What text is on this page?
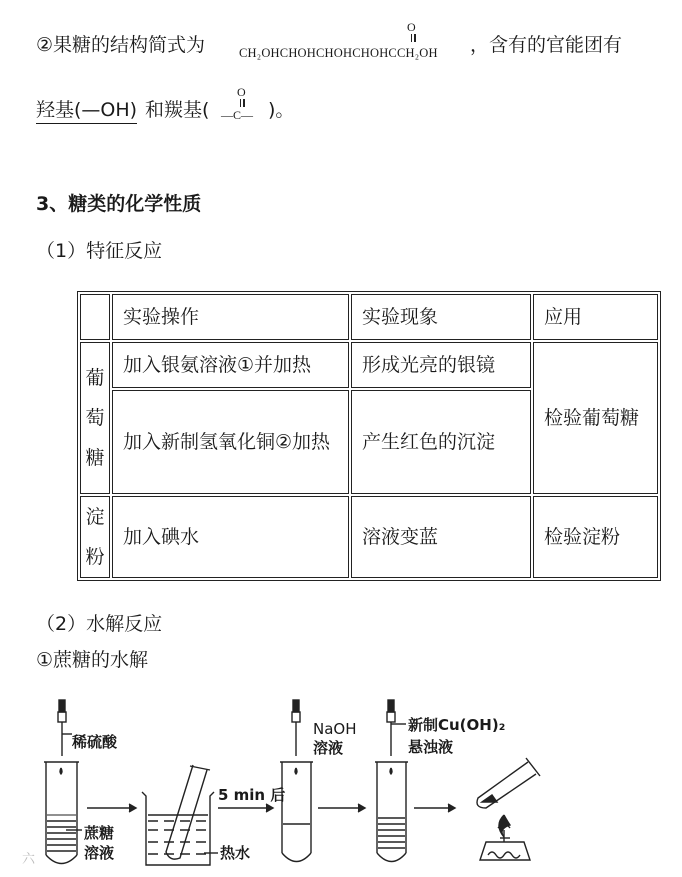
②果糖的结构简式为
O
CH₂OHCHOHCHOHCHOHCCH₂OH ，含有的官能团有
羟基(—OH) 和羰基(
O
—C— )。
3、糖类的化学性质
（1）特征反应
	实验操作	实验现象	应用

葡
萄
糖	加入银氨溶液①并加热	形成光亮的银镜	检验葡萄糖
	加入新制氢氧化铜②加热	产生红色的沉淀	

淀
粉	加入碘水	溶液变蓝	检验淀粉
（2）水解反应
①蔗糖的水解
稀硫酸
蔗糖
溶液
5 min 后
热水
NaOH
溶液
新制Cu(OH)₂
悬浊液
六
